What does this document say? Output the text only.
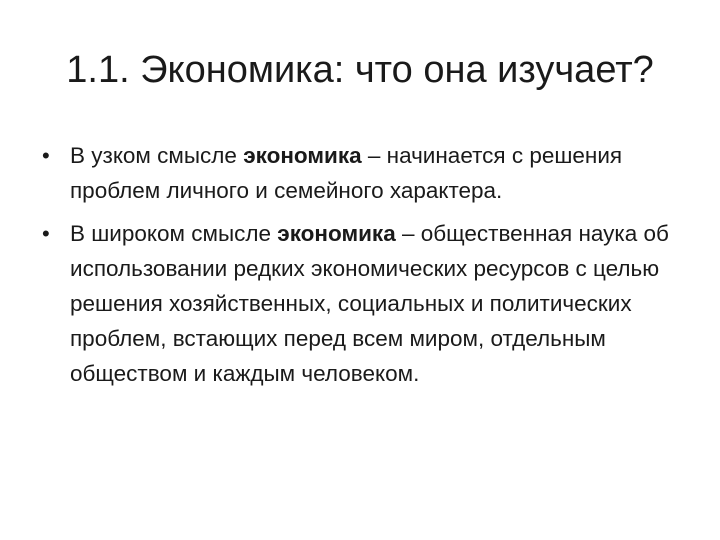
1.1. Экономика: что она изучает?
• В узком смысле экономика – начинается с решения проблем личного и семейного характера.
• В широком смысле экономика – общественная наука об использовании редких экономических ресурсов с целью решения хозяйственных, социальных и политических проблем, встающих перед всем миром, отдельным обществом и каждым человеком.
